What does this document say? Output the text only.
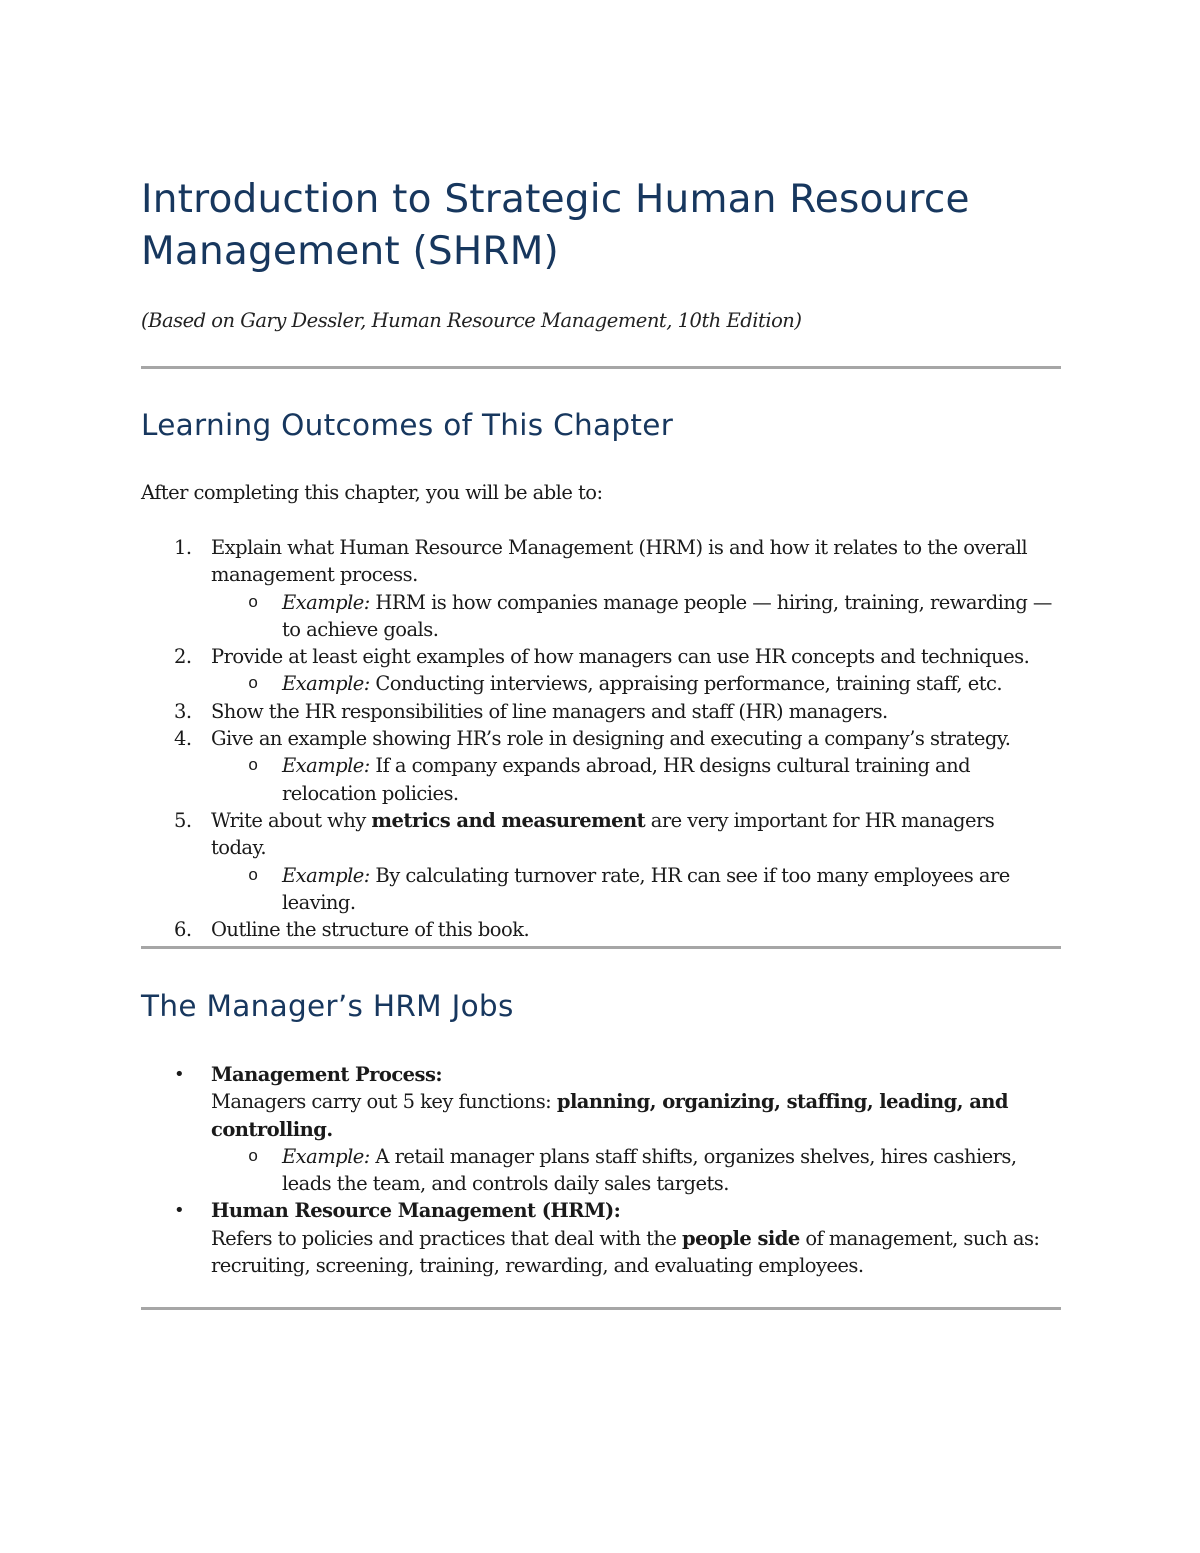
Introduction to Strategic Human Resource Management (SHRM)

(Based on Gary Dessler, Human Resource Management, 10th Edition)

Learning Outcomes of This Chapter

After completing this chapter, you will be able to:

1. Explain what Human Resource Management (HRM) is and how it relates to the overall management process.
o Example: HRM is how companies manage people — hiring, training, rewarding — to achieve goals.
2. Provide at least eight examples of how managers can use HR concepts and techniques.
o Example: Conducting interviews, appraising performance, training staff, etc.
3. Show the HR responsibilities of line managers and staff (HR) managers.
4. Give an example showing HR’s role in designing and executing a company’s strategy.
o Example: If a company expands abroad, HR designs cultural training and relocation policies.
5. Write about why metrics and measurement are very important for HR managers today.
o Example: By calculating turnover rate, HR can see if too many employees are leaving.
6. Outline the structure of this book.
The Manager’s HRM Jobs
• Management Process:
Managers carry out 5 key functions: planning, organizing, staffing, leading, and controlling.
o Example: A retail manager plans staff shifts, organizes shelves, hires cashiers, leads the team, and controls daily sales targets.
• Human Resource Management (HRM):
Refers to policies and practices that deal with the people side of management, such as: recruiting, screening, training, rewarding, and evaluating employees.
